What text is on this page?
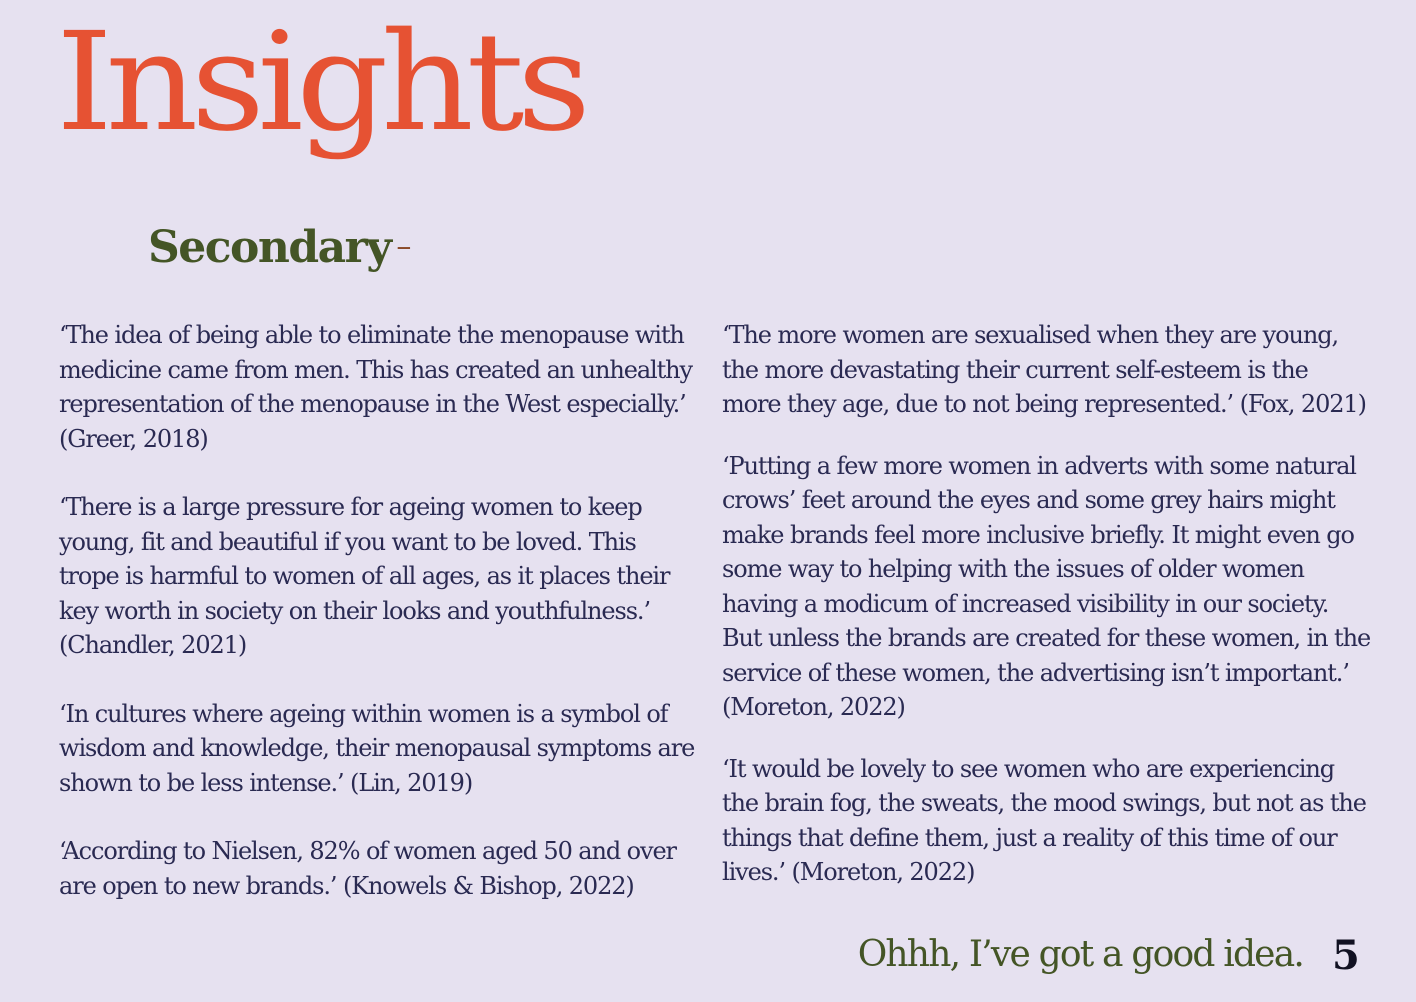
Insights
Secondary –

‘The idea of being able to eliminate the menopause with medicine came from men. This has created an unhealthy representation of the menopause in the West especially.’ (Greer, 2018)

‘There is a large pressure for ageing women to keep young, fit and beautiful if you want to be loved. This trope is harmful to women of all ages, as it places their key worth in society on their looks and youthfulness.’ (Chandler, 2021)

‘In cultures where ageing within women is a symbol of wisdom and knowledge, their menopausal symptoms are shown to be less intense.’ (Lin, 2019)

‘According to Nielsen, 82% of women aged 50 and over are open to new brands.’ (Knowels & Bishop, 2022)

‘The more women are sexualised when they are young, the more devastating their current self-esteem is the more they age, due to not being represented.’ (Fox, 2021)

‘Putting a few more women in adverts with some natural crows’ feet around the eyes and some grey hairs might make brands feel more inclusive briefly. It might even go some way to helping with the issues of older women having a modicum of increased visibility in our society. But unless the brands are created for these women, in the service of these women, the advertising isn’t important.’ (Moreton, 2022)

‘It would be lovely to see women who are experiencing the brain fog, the sweats, the mood swings, but not as the things that define them, just a reality of this time of our lives.’ (Moreton, 2022)

Ohhh, I’ve got a good idea. 5
